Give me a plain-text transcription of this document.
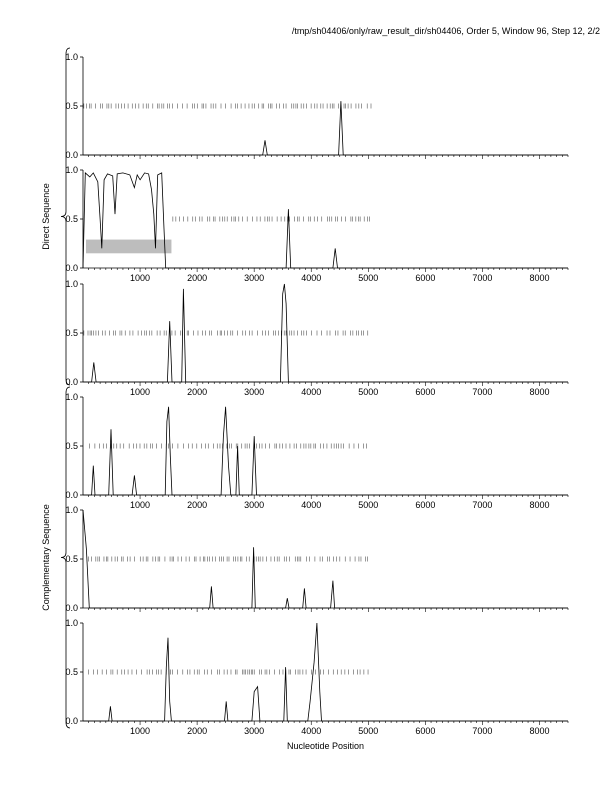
/tmp/sh04406/only/raw_result_dir/sh04406, Order 5, Window 96, Step 12, 2/2
0.0
0.5
1.0
0.0
0.5
1.0
1000	2000	3000	4000	5000	6000	7000	8000
0.0
0.5
1.0
1000	2000	3000	4000	5000	6000	7000	8000
0.0
0.5
1.0
1000	2000	3000	4000	5000	6000	7000	8000
0.0
0.5
1.0
0.0
0.5
1.0
1000	2000	3000	4000	5000	6000	7000	8000
Direct Sequence
Complementary Sequence
Nucleotide Position
